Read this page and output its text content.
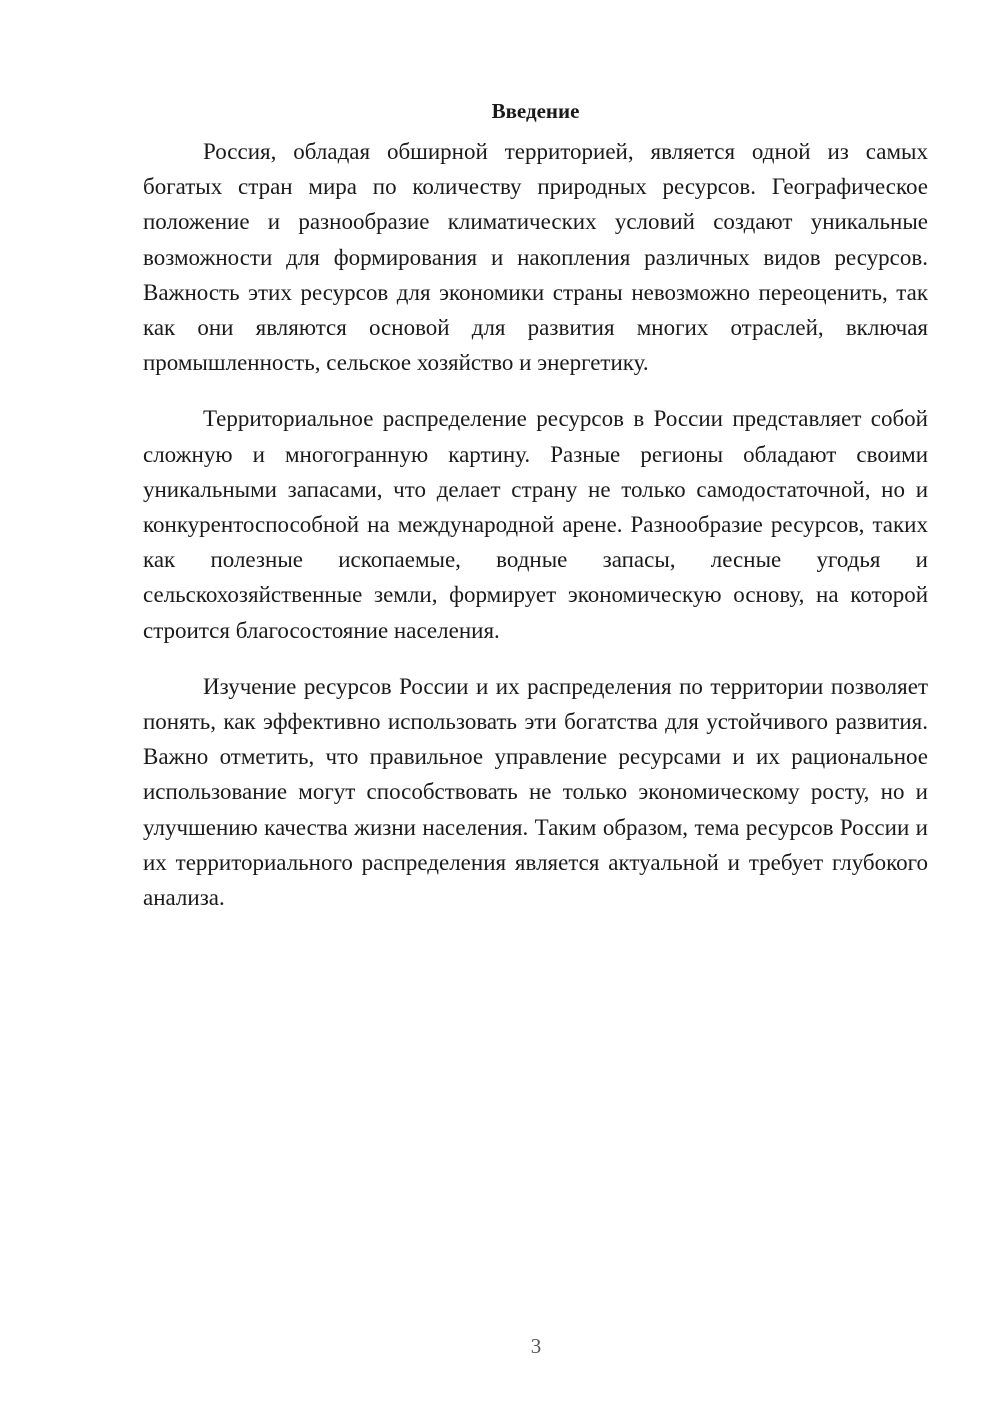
Введение

Россия, обладая обширной территорией, является одной из самых богатых стран мира по количеству природных ресурсов. Географическое положение и разнообразие климатических условий создают уникальные возможности для формирования и накопления различных видов ресурсов. Важность этих ресурсов для экономики страны невозможно переоценить, так как они являются основой для развития многих отраслей, включая промышленность, сельское хозяйство и энергетику.

Территориальное распределение ресурсов в России представляет собой сложную и многогранную картину. Разные регионы обладают своими уникальными запасами, что делает страну не только самодостаточной, но и конкурентоспособной на международной арене. Разнообразие ресурсов, таких как полезные ископаемые, водные запасы, лесные угодья и сельскохозяйственные земли, формирует экономическую основу, на которой строится благосостояние населения.

Изучение ресурсов России и их распределения по территории позволяет понять, как эффективно использовать эти богатства для устойчивого развития. Важно отметить, что правильное управление ресурсами и их рациональное использование могут способствовать не только экономическому росту, но и улучшению качества жизни населения. Таким образом, тема ресурсов России и их территориального распределения является актуальной и требует глубокого анализа.

3
